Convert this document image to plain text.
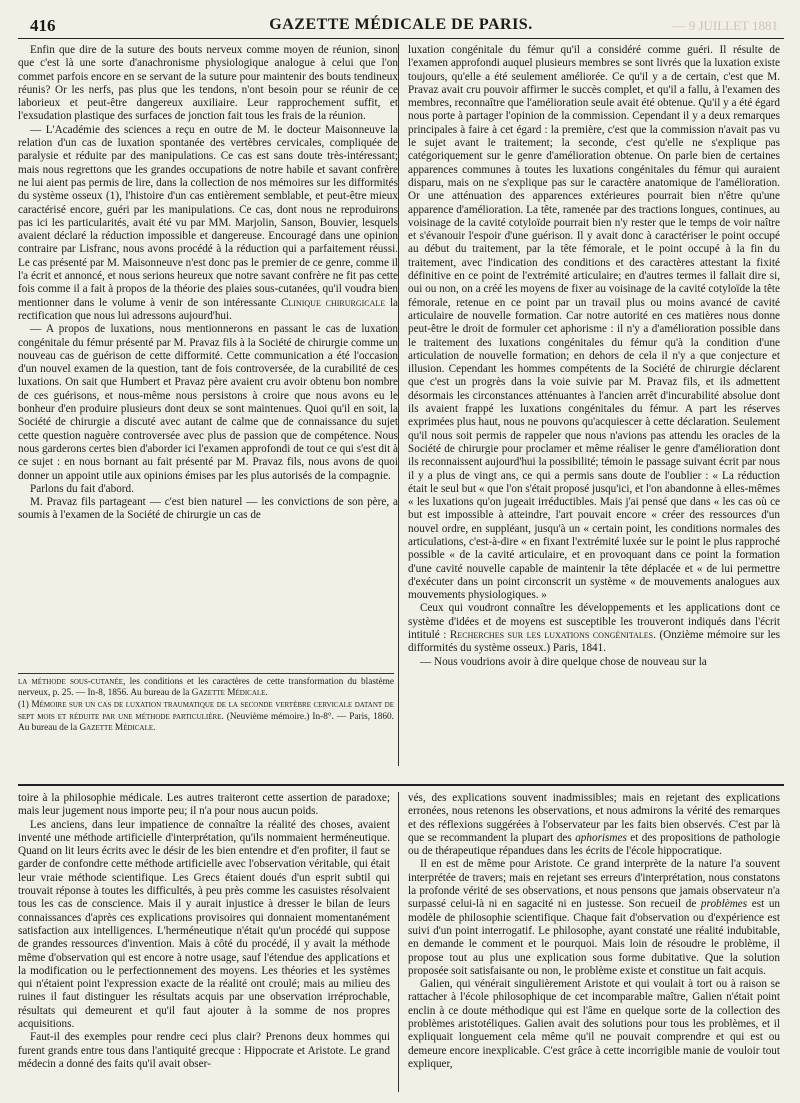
416	GAZETTE MÉDICALE DE PARIS.	— 9 JUILLET 1881

Enfin que dire de la suture des bouts nerveux comme moyen de réunion, sinon que c'est là une sorte d'anachronisme physiologique analogue à celui que l'on commet parfois encore en se servant de la suture pour maintenir des bouts tendineux réunis? Or les nerfs, pas plus que les tendons, n'ont besoin pour se réunir de ce laborieux et peut-être dangereux auxiliaire. Leur rapprochement suffit, et l'exsudation plastique des surfaces de jonction fait tous les frais de la réunion.

— L'Académie des sciences a reçu en outre de M. le docteur Maisonneuve la relation d'un cas de luxation spontanée des vertèbres cervicales, compliquée de paralysie et réduite par des manipulations. Ce cas est sans doute très-intéressant; mais nous regrettons que les grandes occupations de notre habile et savant confrère ne lui aient pas permis de lire, dans la collection de nos mémoires sur les difformités du système osseux (1), l'histoire d'un cas entièrement semblable, et peut-être mieux caractérisé encore, guéri par les manipulations. Ce cas, dont nous ne reproduirons pas ici les particularités, avait été vu par MM. Marjolin, Sanson, Bouvier, lesquels avaient déclaré la réduction impossible et dangereuse. Encouragé dans une opinion contraire par Lisfranc, nous avons procédé à la réduction qui a parfaitement réussi. Le cas présenté par M. Maisonneuve n'est donc pas le premier de ce genre, comme il l'a écrit et annoncé, et nous serions heureux que notre savant confrère ne fit pas cette fois comme il a fait à propos de la théorie des plaies sous-cutanées, qu'il voudra bien mentionner dans le volume à venir de son intéressante Clinique chirurgicale la rectification que nous lui adressons aujourd'hui.

— A propos de luxations, nous mentionnerons en passant le cas de luxation congénitale du fémur présenté par M. Pravaz fils à la Société de chirurgie comme un nouveau cas de guérison de cette difformité. Cette communication a été l'occasion d'un nouvel examen de la question, tant de fois controversée, de la curabilité de ces luxations. On sait que Humbert et Pravaz père avaient cru avoir obtenu bon nombre de ces guérisons, et nous-même nous persistons à croire que nous avons eu le bonheur d'en produire plusieurs dont deux se sont maintenues. Quoi qu'il en soit, la Société de chirurgie a discuté avec autant de calme que de connaissance du sujet cette question naguère controversée avec plus de passion que de compétence. Nous nous garderons certes bien d'aborder ici l'examen approfondi de tout ce qui s'est dit à ce sujet : en nous bornant au fait présenté par M. Pravaz fils, nous avons de quoi donner un appoint utile aux opinions émises par les plus autorisés de la compagnie.

Parlons du fait d'abord.

M. Pravaz fils partageant — c'est bien naturel — les convictions de son père, a soumis à l'examen de la Société de chirurgie un cas de

la méthode sous-cutanée, les conditions et les caractères de cette transformation du blastème nerveux, p. 25. — In-8, 1856. Au bureau de la Gazette Médicale.

(1) Mémoire sur un cas de luxation traumatique de la seconde vertèbre cervicale datant de sept mois et réduite par une méthode particulière. (Neuvième mémoire.) In-8°. — Paris, 1860. Au bureau de la Gazette Médicale.

luxation congénitale du fémur qu'il a considéré comme guéri. Il résulte de l'examen approfondi auquel plusieurs membres se sont livrés que la luxation existe toujours, qu'elle a été seulement améliorée. Ce qu'il y a de certain, c'est que M. Pravaz avait cru pouvoir affirmer le succès complet, et qu'il a fallu, à l'examen des membres, reconnaître que l'amélioration seule avait été obtenue. Qu'il y a été égard nous porte à partager l'opinion de la commission. Cependant il y a deux remarques principales à faire à cet égard : la première, c'est que la commission n'avait pas vu le sujet avant le traitement; la seconde, c'est qu'elle ne s'explique pas catégoriquement sur le genre d'amélioration obtenue. On parle bien de certaines apparences communes à toutes les luxations congénitales du fémur qui auraient disparu, mais on ne s'explique pas sur le caractère anatomique de l'amélioration. Or une atténuation des apparences extérieures pourrait bien n'être qu'une apparence d'amélioration. La tête, ramenée par des tractions longues, continues, au voisinage de la cavité cotyloïde pourrait bien n'y rester que le temps de voir naître et s'évanouir l'espoir d'une guérison. Il y avait donc à caractériser le point occupé au début du traitement, par la tête fémorale, et le point occupé à la fin du traitement, avec l'indication des conditions et des caractères attestant la fixité définitive en ce point de l'extrémité articulaire; en d'autres termes il fallait dire si, oui ou non, on a créé les moyens de fixer au voisinage de la cavité cotyloïde la tête fémorale, retenue en ce point par un travail plus ou moins avancé de cavité articulaire de nouvelle formation. Car notre autorité en ces matières nous donne peut-être le droit de formuler cet aphorisme : il n'y a d'amélioration possible dans le traitement des luxations congénitales du fémur qu'à la condition d'une articulation de nouvelle formation; en dehors de cela il n'y a que conjecture et illusion. Cependant les hommes compétents de la Société de chirurgie déclarent que c'est un progrès dans la voie suivie par M. Pravaz fils, et ils admettent désormais les circonstances atténuantes à l'ancien arrêt d'incurabilité absolue dont ils avaient frappé les luxations congénitales du fémur. A part les réserves exprimées plus haut, nous ne pouvons qu'acquiescer à cette déclaration. Seulement qu'il nous soit permis de rappeler que nous n'avions pas attendu les oracles de la Société de chirurgie pour proclamer et même réaliser le genre d'amélioration dont ils reconnaissent aujourd'hui la possibilité; témoin le passage suivant écrit par nous il y a plus de vingt ans, ce qui a permis sans doute de l'oublier : « La réduction était le seul but « que l'on s'était proposé jusqu'ici, et l'on abandonne à elles-mêmes « les luxations qu'on jugeait irréductibles. Mais j'ai pensé que dans « les cas où ce but est impossible à atteindre, l'art pouvait encore « créer des ressources d'un nouvel ordre, en suppléant, jusqu'à un « certain point, les conditions normales des articulations, c'est-à-dire « en fixant l'extrémité luxée sur le point le plus rapproché possible « de la cavité articulaire, et en provoquant dans ce point la formation d'une cavité nouvelle capable de maintenir la tête déplacée et « de lui permettre d'exécuter dans un point circonscrit un système « de mouvements analogues aux mouvements physiologiques. »

Ceux qui voudront connaître les développements et les applications dont ce système d'idées et de moyens est susceptible les trouveront indiqués dans l'écrit intitulé : Recherches sur les luxations congénitales. (Onzième mémoire sur les difformités du système osseux.) Paris, 1841.

— Nous voudrions avoir à dire quelque chose de nouveau sur la

toire à la philosophie médicale. Les autres traiteront cette assertion de paradoxe; mais leur jugement nous importe peu; il n'a pour nous aucun poids.

Les anciens, dans leur impatience de connaître la réalité des choses, avaient inventé une méthode artificielle d'interprétation, qu'ils nommaient herméneutique. Quand on lit leurs écrits avec le désir de les bien entendre et d'en profiter, il faut se garder de confondre cette méthode artificielle avec l'observation véritable, qui était leur vraie méthode scientifique. Les Grecs étaient doués d'un esprit subtil qui trouvait réponse à toutes les difficultés, à peu près comme les casuistes résolvaient tous les cas de conscience. Mais il y aurait injustice à dresser le bilan de leurs connaissances d'après ces explications provisoires qui donnaient momentanément satisfaction aux intelligences. L'herméneutique n'était qu'un procédé qui suppose de grandes ressources d'invention. Mais à côté du procédé, il y avait la méthode même d'observation qui est encore à notre usage, sauf l'étendue des applications et la modification ou le perfectionnement des moyens. Les théories et les systèmes qui n'étaient point l'expression exacte de la réalité ont croulé; mais au milieu des ruines il faut distinguer les résultats acquis par une observation irréprochable, résultats qui demeurent et qu'il faut ajouter à la somme de nos propres acquisitions.

Faut-il des exemples pour rendre ceci plus clair? Prenons deux hommes qui furent grands entre tous dans l'antiquité grecque : Hippocrate et Aristote. Le grand médecin a donné des faits qu'il avait obser-

vés, des explications souvent inadmissibles; mais en rejetant des explications erronées, nous retenons les observations, et nous admirons la vérité des remarques et des réflexions suggérées à l'observateur par les faits bien observés. C'est par là que se recommandent la plupart des aphorismes et des propositions de pathologie ou de thérapeutique répandues dans les écrits de l'école hippocratique.

Il en est de même pour Aristote. Ce grand interprète de la nature l'a souvent interprétée de travers; mais en rejetant ses erreurs d'interprétation, nous constatons la profonde vérité de ses observations, et nous pensons que jamais observateur n'a surpassé celui-là ni en sagacité ni en justesse. Son recueil de problèmes est un modèle de philosophie scientifique. Chaque fait d'observation ou d'expérience est suivi d'un point interrogatif. Le philosophe, ayant constaté une réalité indubitable, en demande le comment et le pourquoi. Mais loin de résoudre le problème, il propose tout au plus une explication sous forme dubitative. Que la solution proposée soit satisfaisante ou non, le problème existe et constitue un fait acquis.

Galien, qui vénérait singulièrement Aristote et qui voulait à tort ou à raison se rattacher à l'école philosophique de cet incomparable maître, Galien n'était point enclin à ce doute méthodique qui est l'âme en quelque sorte de la collection des problèmes aristotéliques. Galien avait des solutions pour tous les problèmes, et il expliquait longuement cela même qu'il ne pouvait comprendre et qui est ou demeure encore inexplicable. C'est grâce à cette incorrigible manie de vouloir tout expliquer,
